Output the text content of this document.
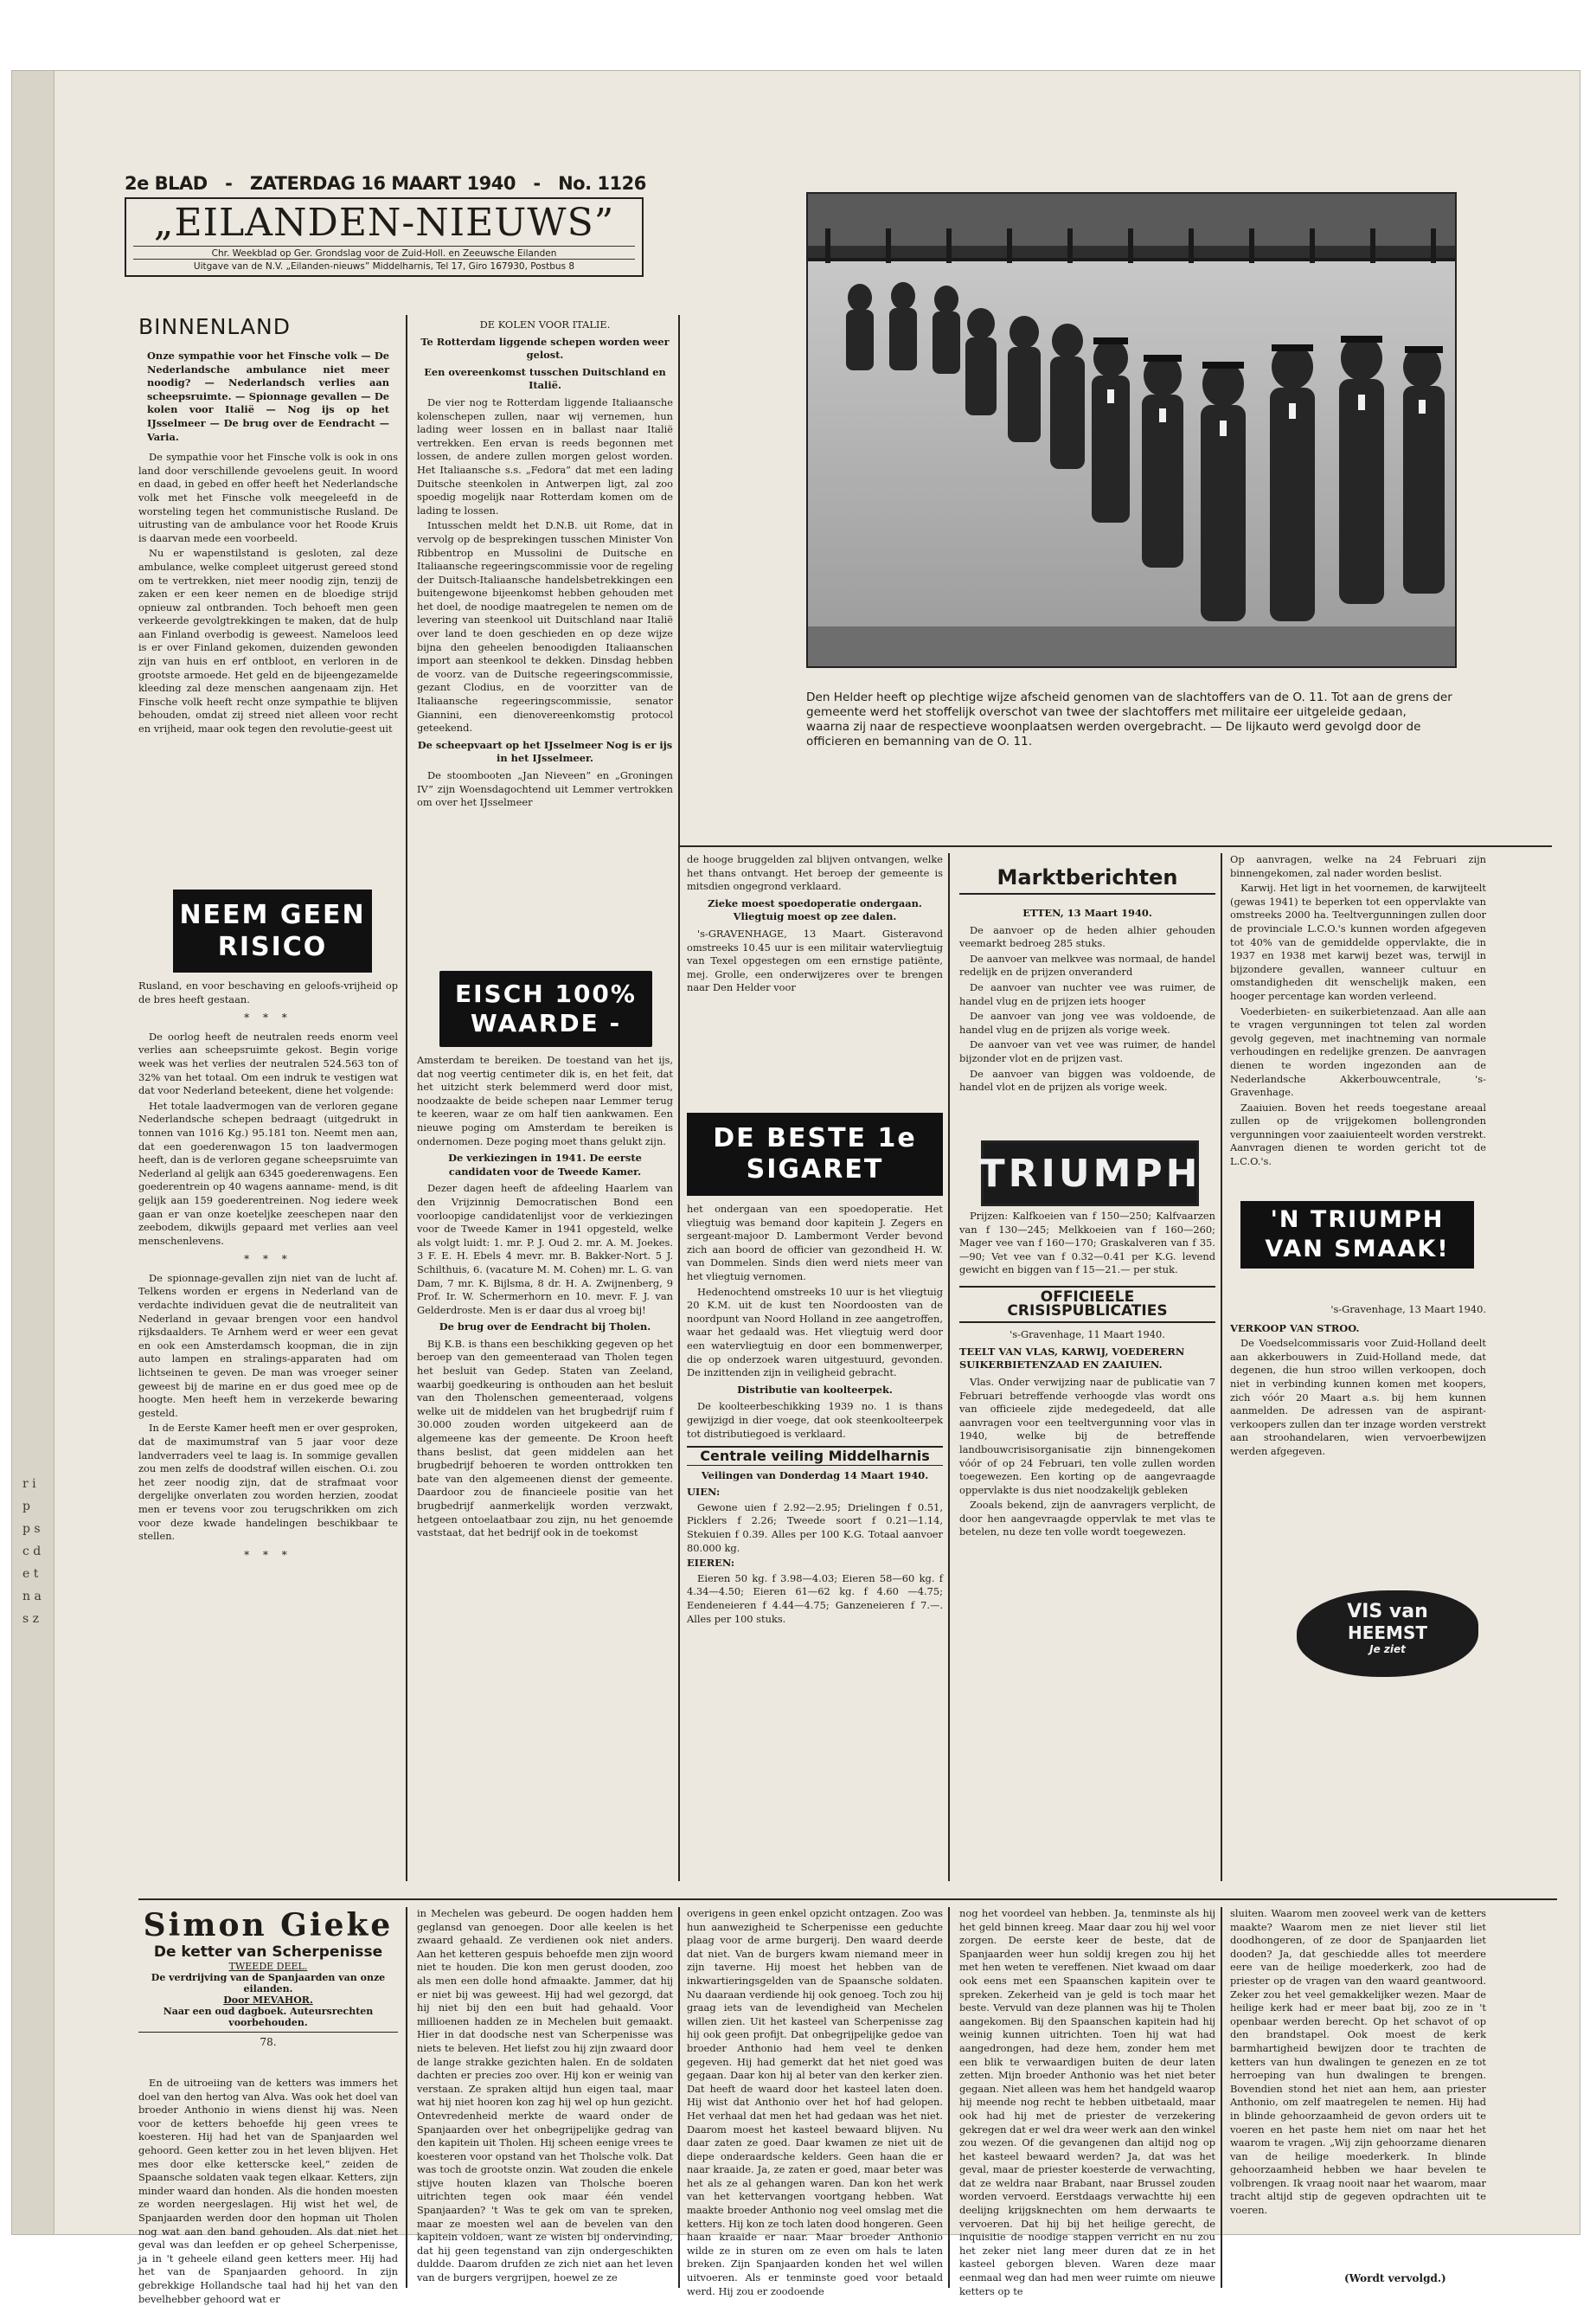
r i p p s c d e t n a s z
2e BLAD   -   ZATERDAG 16 MAART 1940   -   No. 1126
„EILANDEN-NIEUWS”
Chr. Weekblad op Ger. Grondslag voor de Zuid-Holl. en Zeeuwsche Eilanden
Uitgave van de N.V. „Eilanden-nieuws” Middelharnis, Tel 17, Giro 167930, Postbus 8
BINNENLAND

Onze sympathie voor het Finsche volk — De Nederlandsche ambulance niet meer noodig? — Nederlandsch verlies aan scheepsruimte. — Spionnage gevallen — De kolen voor Italië — Nog ijs op het IJsselmeer — De brug over de Eendracht — Varia.

De sympathie voor het Finsche volk is ook in ons land door verschillende gevoelens geuit. In woord en daad, in gebed en offer heeft het Nederlandsche volk met het Finsche volk meegeleefd in de worsteling tegen het communistische Rusland. De uitrusting van de ambulance voor het Roode Kruis is daarvan mede een voorbeeld.

Nu er wapenstilstand is gesloten, zal deze ambulance, welke compleet uitgerust gereed stond om te vertrekken, niet meer noodig zijn, tenzij de zaken er een keer nemen en de bloedige strijd opnieuw zal ontbranden. Toch behoeft men geen verkeerde gevolgtrekkingen te maken, dat de hulp aan Finland overbodig is geweest. Nameloos leed is er over Finland gekomen, duizenden gewonden zijn van huis en erf ontbloot, en verloren in de grootste armoede. Het geld en de bijeengezamelde kleeding zal deze menschen aangenaam zijn. Het Finsche volk heeft recht onze sympathie te blijven behouden, omdat zij streed niet alleen voor recht en vrijheid, maar ook tegen den revolutie-geest uit

NEEM GEEN RISICO

Rusland, en voor beschaving en geloofs-vrijheid op de bres heeft gestaan.

* * *

De oorlog heeft de neutralen reeds enorm veel verlies aan scheepsruimte gekost. Begin vorige week was het verlies der neutralen 524.563 ton of 32% van het totaal. Om een indruk te vestigen wat dat voor Nederland beteekent, diene het volgende:

Het totale laadvermogen van de verloren gegane Nederlandsche schepen bedraagt (uitgedrukt in tonnen van 1016 Kg.) 95.181 ton. Neemt men aan, dat een goederenwagon 15 ton laadvermogen heeft, dan is de verloren gegane scheepsruimte van Nederland al gelijk aan 6345 goederenwagens. Een goederentrein op 40 wagens aanname- mend, is dit gelijk aan 159 goederentreinen. Nog iedere week gaan er van onze koeteljke zeeschepen naar den zeebodem, dikwijls gepaard met verlies aan veel menschenlevens.

* * *

De spionnage-gevallen zijn niet van de lucht af. Telkens worden er ergens in Nederland van de verdachte individuen gevat die de neutraliteit van Nederland in gevaar brengen voor een handvol rijksdaalders. Te Arnhem werd er weer een gevat en ook een Amsterdamsch koopman, die in zijn auto lampen en stralings-apparaten had om lichtseinen te geven. De man was vroeger seiner geweest bij de marine en er dus goed mee op de hoogte. Men heeft hem in verzekerde bewaring gesteld.

In de Eerste Kamer heeft men er over gesproken, dat de maximumstraf van 5 jaar voor deze landverraders veel te laag is. In sommige gevallen zou men zelfs de doodstraf willen eischen. O.i. zou het zeer noodig zijn, dat de strafmaat voor dergelijke onverlaten zou worden herzien, zoodat men er tevens voor zou terugschrikken om zich voor deze kwade handelingen beschikbaar te stellen.

* * *
DE KOLEN VOOR ITALIE.
Te Rotterdam liggende schepen worden weer gelost.
Een overeenkomst tusschen Duitschland en Italië.

De vier nog te Rotterdam liggende Italiaansche kolenschepen zullen, naar wij vernemen, hun lading weer lossen en in ballast naar Italië vertrekken. Een ervan is reeds begonnen met lossen, de andere zullen morgen gelost worden. Het Italiaansche s.s. „Fedora” dat met een lading Duitsche steenkolen in Antwerpen ligt, zal zoo spoedig mogelijk naar Rotterdam komen om de lading te lossen.

Intusschen meldt het D.N.B. uit Rome, dat in vervolg op de besprekingen tusschen Minister Von Ribbentrop en Mussolini de Duitsche en Italiaansche regeeringscommissie voor de regeling der Duitsch-Italiaansche handelsbetrekkingen een buitengewone bijeenkomst hebben gehouden met het doel, de noodige maatregelen te nemen om de levering van steenkool uit Duitschland naar Italië over land te doen geschieden en op deze wijze bijna den geheelen benoodigden Italiaanschen import aan steenkool te dekken. Dinsdag hebben de voorz. van de Duitsche regeeringscommissie, gezant Clodius, en de voorzitter van de Italiaansche regeeringscommissie, senator Giannini, een dienovereenkomstig protocol geteekend.

De scheepvaart op het IJsselmeer Nog is er ijs in het IJsselmeer.

De stoombooten „Jan Nieveen” en „Groningen IV” zijn Woensdagochtend uit Lemmer vertrokken om over het IJsselmeer

EISCH 100% WAARDE -

Amsterdam te bereiken. De toestand van het ijs, dat nog veertig centimeter dik is, en het feit, dat het uitzicht sterk belemmerd werd door mist, noodzaakte de beide schepen naar Lemmer terug te keeren, waar ze om half tien aankwamen. Een nieuwe poging om Amsterdam te bereiken is ondernomen. Deze poging moet thans gelukt zijn.

De verkiezingen in 1941. De eerste candidaten voor de Tweede Kamer.

Dezer dagen heeft de afdeeling Haarlem van den Vrijzinnig Democratischen Bond een voorloopige candidatenlijst voor de verkiezingen voor de Tweede Kamer in 1941 opgesteld, welke als volgt luidt: 1. mr. P. J. Oud 2. mr. A. M. Joekes. 3 F. E. H. Ebels 4 mevr. mr. B. Bakker-Nort. 5 J. Schilthuis, 6. (vacature M. M. Cohen) mr. L. G. van Dam, 7 mr. K. Bijlsma, 8 dr. H. A. Zwijnenberg, 9 Prof. Ir. W. Schermerhorn en 10. mevr. F. J. van Gelderdroste. Men is er daar dus al vroeg bij!

De brug over de Eendracht bij Tholen.

Bij K.B. is thans een beschikking gegeven op het beroep van den gemeenteraad van Tholen tegen het besluit van Gedep. Staten van Zeeland, waarbij goedkeuring is onthouden aan het besluit van den Tholenschen gemeenteraad, volgens welke uit de middelen van het brugbedrijf ruim f 30.000 zouden worden uitgekeerd aan de algemeene kas der gemeente. De Kroon heeft thans beslist, dat geen middelen aan het brugbedrijf behoeren te worden onttrokken ten bate van den algemeenen dienst der gemeente. Daardoor zou de financieele positie van het brugbedrijf aanmerkelijk worden verzwakt, hetgeen ontoelaatbaar zou zijn, nu het genoemde vaststaat, dat het bedrijf ook in de toekomst

Den Helder heeft op plechtige wijze afscheid genomen van de slachtoffers van de O. 11. Tot aan de grens der gemeente werd het stoffelijk overschot van twee der slachtoffers met militaire eer uitgeleide gedaan, waarna zij naar de respectieve woonplaatsen werden overgebracht. — De lijkauto werd gevolgd door de officieren en bemanning van de O. 11.

de hooge bruggelden zal blijven ontvangen, welke het thans ontvangt. Het beroep der gemeente is mitsdien ongegrond verklaard.

Zieke moest spoedoperatie ondergaan. Vliegtuig moest op zee dalen.

's-GRAVENHAGE, 13 Maart. Gisteravond omstreeks 10.45 uur is een militair watervliegtuig van Texel opgestegen om een ernstige patiënte, mej. Grolle, een onderwijzeres over te brengen naar Den Helder voor

DE BESTE 1e SIGARET

het ondergaan van een spoedoperatie. Het vliegtuig was bemand door kapitein J. Zegers en sergeant-majoor D. Lambermont Verder bevond zich aan boord de officier van gezondheid H. W. van Dommelen. Sinds dien werd niets meer van het vliegtuig vernomen.

Hedenochtend omstreeks 10 uur is het vliegtuig 20 K.M. uit de kust ten Noordoosten van de noordpunt van Noord Holland in zee aangetroffen, waar het gedaald was. Het vliegtuig werd door een watervliegtuig en door een bommenwerper, die op onderzoek waren uitgestuurd, gevonden. De inzittenden zijn in veiligheid gebracht.

Distributie van koolteerpek.

De koolteerbeschikking 1939 no. 1 is thans gewijzigd in dier voege, dat ook steenkoolteerpek tot distributiegoed is verklaard.

Centrale veiling Middelharnis
Veilingen van Donderdag 14 Maart 1940.

UIEN:

Gewone uien f 2.92—2.95; Drielingen f 0.51, Picklers f 2.26; Tweede soort f 0.21—1.14, Stekuien f 0.39. Alles per 100 K.G. Totaal aanvoer 80.000 kg.

EIEREN:

Eieren 50 kg. f 3.98—4.03; Eieren 58—60 kg. f 4.34—4.50; Eieren 61—62 kg. f 4.60 —4.75; Eendeneieren f 4.44—4.75; Ganzeneieren f 7.—. Alles per 100 stuks.

Marktberichten
ETTEN, 13 Maart 1940.

De aanvoer op de heden alhier gehouden veemarkt bedroeg 285 stuks.

De aanvoer van melkvee was normaal, de handel redelijk en de prijzen onveranderd

De aanvoer van nuchter vee was ruimer, de handel vlug en de prijzen iets hooger

De aanvoer van jong vee was voldoende, de handel vlug en de prijzen als vorige week.

De aanvoer van vet vee was ruimer, de handel bijzonder vlot en de prijzen vast.

De aanvoer van biggen was voldoende, de handel vlot en de prijzen als vorige week.

TRIUMPH

Prijzen: Kalfkoeien van f 150—250; Kalfvaarzen van f 130—245; Melkkoeien van f 160—260; Mager vee van f 160—170; Graskalveren van f 35.—90; Vet vee van f 0.32—0.41 per K.G. levend gewicht en biggen van f 15—21.— per stuk.

OFFICIEELE CRISISPUBLICATIES
's-Gravenhage, 11 Maart 1940.
TEELT VAN VLAS, KARWIJ, VOEDERERN SUIKERBIETENZAAD EN ZAAIUIEN.

Vlas. Onder verwijzing naar de publicatie van 7 Februari betreffende verhoogde vlas wordt ons van officieele zijde medegedeeld, dat alle aanvragen voor een teeltvergunning voor vlas in 1940, welke bij de betreffende landbouwcrisisorganisatie zijn binnengekomen vóór of op 24 Februari, ten volle zullen worden toegewezen. Een korting op de aangevraagde oppervlakte is dus niet noodzakelijk gebleken

Zooals bekend, zijn de aanvragers verplicht, de door hen aangevraagde oppervlak te met vlas te betelen, nu deze ten volle wordt toegewezen.

Op aanvragen, welke na 24 Februari zijn binnengekomen, zal nader worden beslist.

Karwij. Het ligt in het voornemen, de karwijteelt (gewas 1941) te beperken tot een oppervlakte van omstreeks 2000 ha. Teeltvergunningen zullen door de provinciale L.C.O.'s kunnen worden afgegeven tot 40% van de gemiddelde oppervlakte, die in 1937 en 1938 met karwij bezet was, terwijl in bijzondere gevallen, wanneer cultuur en omstandigheden dit wenschelijk maken, een hooger percentage kan worden verleend.

Voederbieten- en suikerbietenzaad. Aan alle aan te vragen vergunningen tot telen zal worden gevolg gegeven, met inachtneming van normale verhoudingen en redelijke grenzen. De aanvragen dienen te worden ingezonden aan de Nederlandsche Akkerbouwcentrale, 's-Gravenhage.

Zaaiuien. Boven het reeds toegestane areaal zullen op de vrijgekomen bollengronden vergunningen voor zaaiuienteelt worden verstrekt. Aanvragen dienen te worden gericht tot de L.C.O.'s.

'N TRIUMPH VAN SMAAK!
's-Gravenhage, 13 Maart 1940.

VERKOOP VAN STROO.

De Voedselcommissaris voor Zuid-Holland deelt aan akkerbouwers in Zuid-Holland mede, dat degenen, die hun stroo willen verkoopen, doch niet in verbinding kunnen komen met koopers, zich vóór 20 Maart a.s. bij hem kunnen aanmelden. De adressen van de aspirant-verkoopers zullen dan ter inzage worden verstrekt aan stroohandelaren, wien vervoerbewijzen werden afgegeven.

VIS van
HEEMST
Je ziet
Simon Gieke
De ketter van Scherpenisse
TWEEDE DEEL.
De verdrijving van de Spanjaarden van onze eilanden.
Door MEVAHOR.
Naar een oud dagboek. Auteursrechten voorbehouden.
78.

En de uitroeiing van de ketters was immers het doel van den hertog van Alva. Was ook het doel van broeder Anthonio in wiens dienst hij was. Neen voor de ketters behoefde hij geen vrees te koesteren. Hij had het van de Spanjaarden wel gehoord. Geen ketter zou in het leven blijven. Het mes door elke ketterscke keel,” zeiden de Spaansche soldaten vaak tegen elkaar. Ketters, zijn minder waard dan honden. Als die honden moesten ze worden neergeslagen. Hij wist het wel, de Spanjaarden werden door den hopman uit Tholen nog wat aan den band gehouden. Als dat niet het geval was dan leefden er op geheel Scherpenisse, ja in 't geheele eiland geen ketters meer. Hij had het van de Spanjaarden gehoord. In zijn gebrekkige Hollandsche taal had hij het van den bevelhebber gehoord wat er

in Mechelen was gebeurd. De oogen hadden hem geglansd van genoegen. Door alle keelen is het zwaard gehaald. Ze verdienen ook niet anders. Aan het ketteren gespuis behoefde men zijn woord niet te houden. Die kon men gerust dooden, zoo als men een dolle hond afmaakte. Jammer, dat hij er niet bij was geweest. Hij had wel gezorgd, dat hij niet bij den een buit had gehaald. Voor millioenen hadden ze in Mechelen buit gemaakt. Hier in dat doodsche nest van Scherpenisse was niets te beleven. Het liefst zou hij zijn zwaard door de lange strakke gezichten halen. En de soldaten dachten er precies zoo over. Hij kon er weinig van verstaan. Ze spraken altijd hun eigen taal, maar wat hij niet hooren kon zag hij wel op hun gezicht. Ontevredenheid merkte de waard onder de Spanjaarden over het onbegrijpelijke gedrag van den kapitein uit Tholen. Hij scheen eenige vrees te koesteren voor opstand van het Tholsche volk. Dat was toch de grootste onzin. Wat zouden die enkele stijve houten klazen van Tholsche boeren uitrichten tegen ook maar één vendel Spanjaarden? 't Was te gek om van te spreken, maar ze moesten wel aan de bevelen van den kapitein voldoen, want ze wisten bij ondervinding, dat hij geen tegenstand van zijn ondergeschikten duldde. Daarom drufden ze zich niet aan het leven van de burgers vergrijpen, hoewel ze ze

overigens in geen enkel opzicht ontzagen. Zoo was hun aanwezigheid te Scherpenisse een geduchte plaag voor de arme burgerij. Den waard deerde dat niet. Van de burgers kwam niemand meer in zijn taverne. Hij moest het hebben van de inkwartieringsgelden van de Spaansche soldaten. Nu daaraan verdiende hij ook genoeg. Toch zou hij graag iets van de levendigheid van Mechelen willen zien. Uit het kasteel van Scherpenisse zag hij ook geen profijt. Dat onbegrijpelijke gedoe van broeder Anthonio had hem veel te denken gegeven. Hij had gemerkt dat het niet goed was gegaan. Daar kon hij al beter van den kerker zien. Dat heeft de waard door het kasteel laten doen. Hij wist dat Anthonio over het hof had gelopen. Het verhaal dat men het had gedaan was het niet. Daarom moest het kasteel bewaard blijven. Nu daar zaten ze goed. Daar kwamen ze niet uit de diepe onderaardsche kelders. Geen haan die er naar kraaide. Ja, ze zaten er goed, maar beter was het als ze al gehangen waren. Dan kon het werk van het kettervangen voortgang hebben. Wat maakte broeder Anthonio nog veel omslag met die ketters. Hij kon ze toch laten dood hongeren. Geen haan kraaide er naar. Maar broeder Anthonio wilde ze in sturen om ze even om hals te laten breken. Zijn Spanjaarden konden het wel willen uitvoeren. Als er tenminste goed voor betaald werd. Hij zou er zoodoende

nog het voordeel van hebben. Ja, tenminste als hij het geld binnen kreeg. Maar daar zou hij wel voor zorgen. De eerste keer de beste, dat de Spanjaarden weer hun soldij kregen zou hij het met hen weten te vereffenen. Niet kwaad om daar ook eens met een Spaanschen kapitein over te spreken. Zekerheid van je geld is toch maar het beste. Vervuld van deze plannen was hij te Tholen aangekomen. Bij den Spaanschen kapitein had hij weinig kunnen uitrichten. Toen hij wat had aangedrongen, had deze hem, zonder hem met een blik te verwaardigen buiten de deur laten zetten. Mijn broeder Anthonio was het niet beter gegaan. Niet alleen was hem het handgeld waarop hij meende nog recht te hebben uitbetaald, maar ook had hij met de priester de verzekering gekregen dat er wel dra weer werk aan den winkel zou wezen. Of die gevangenen dan altijd nog op het kasteel bewaard werden? Ja, dat was het geval, maar de priester koesterde de verwachting, dat ze weldra naar Brabant, naar Brussel zouden worden vervoerd. Eerstdaags verwachtte hij een deelijng krijgsknechten om hem derwaarts te vervoeren. Dat hij bij het heilige gerecht, de inquisitie de noodige stappen verricht en nu zou het zeker niet lang meer duren dat ze in het kasteel geborgen bleven. Waren deze maar eenmaal weg dan had men weer ruimte om nieuwe ketters op te

sluiten. Waarom men zooveel werk van de ketters maakte? Waarom men ze niet liever stil liet doodhongeren, of ze door de Spanjaarden liet dooden? Ja, dat geschiedde alles tot meerdere eere van de heilige moederkerk, zoo had de priester op de vragen van den waard geantwoord. Zeker zou het veel gemakkelijker wezen. Maar de heilige kerk had er meer baat bij, zoo ze in 't openbaar werden berecht. Op het schavot of op den brandstapel. Ook moest de kerk barmhartigheid bewijzen door te trachten de ketters van hun dwalingen te genezen en ze tot herroeping van hun dwalingen te brengen. Bovendien stond het niet aan hem, aan priester Anthonio, om zelf maatregelen te nemen. Hij had in blinde gehoorzaamheid de gevon orders uit te voeren en het paste hem niet om naar het het waarom te vragen. „Wij zijn gehoorzame dienaren van de heilige moederkerk. In blinde gehoorzaamheid hebben we haar bevelen te volbrengen. Ik vraag nooit naar het waarom, maar tracht altijd stip de gegeven opdrachten uit te voeren.

(Wordt vervolgd.)
